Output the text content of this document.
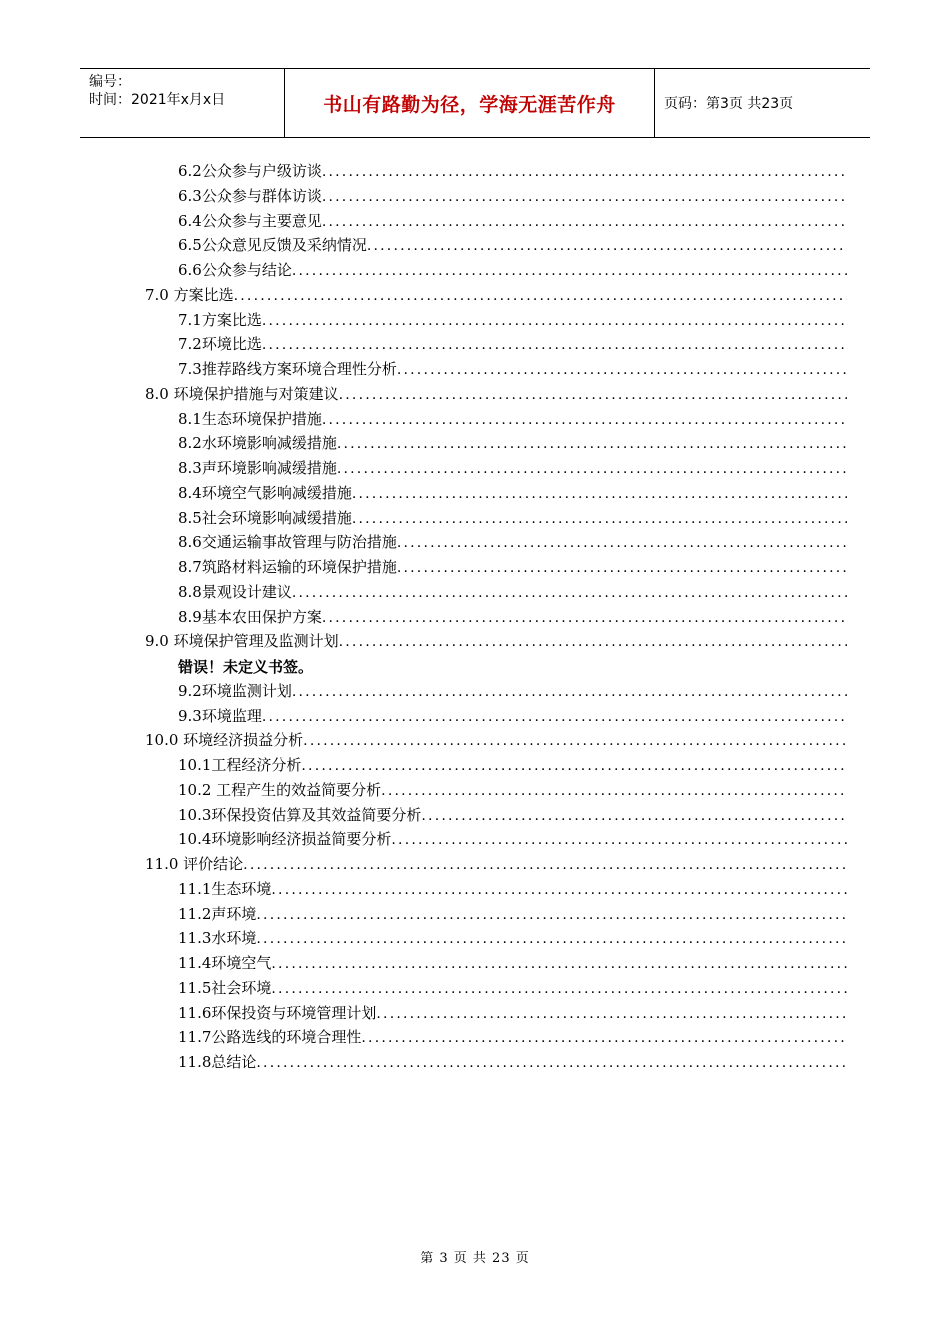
编号：
时间：2021年x月x日	书山有路勤为径，学海无涯苦作舟	页码：第3页 共23页
6.2公众参与户级访谈
.....
6.3公众参与群体访谈
.....
6.4公众参与主要意见
.....
6.5公众意见反馈及采纳情况
.....
6.6公众参与结论
.....
7.0 方案比选
.....
7.1方案比选
.....
7.2环境比选
.....
7.3推荐路线方案环境合理性分析
.....
8.0 环境保护措施与对策建议
.....
8.1生态环境保护措施
.....
8.2水环境影响减缓措施
.....
8.3声环境影响减缓措施
.....
8.4环境空气影响减缓措施
.....
8.5社会环境影响减缓措施
.....
8.6交通运输事故管理与防治措施
.....
8.7筑路材料运输的环境保护措施
.....
8.8景观设计建议
.....
8.9基本农田保护方案
.....
9.0 环境保护管理及监测计划
.....
错误！未定义书签。
9.2环境监测计划
.....
9.3环境监理
.....
10.0 环境经济损益分析
.....
10.1工程经济分析
.....
10.2 工程产生的效益简要分析
.....
10.3环保投资估算及其效益简要分析
.....
10.4环境影响经济损益简要分析
.....
11.0 评价结论
.....
11.1生态环境
.....
11.2声环境
.....
11.3水环境
.....
11.4环境空气
.....
11.5社会环境
.....
11.6环保投资与环境管理计划
.....
11.7公路选线的环境合理性
.....
11.8总结论
.....
第 3 页 共 23 页
